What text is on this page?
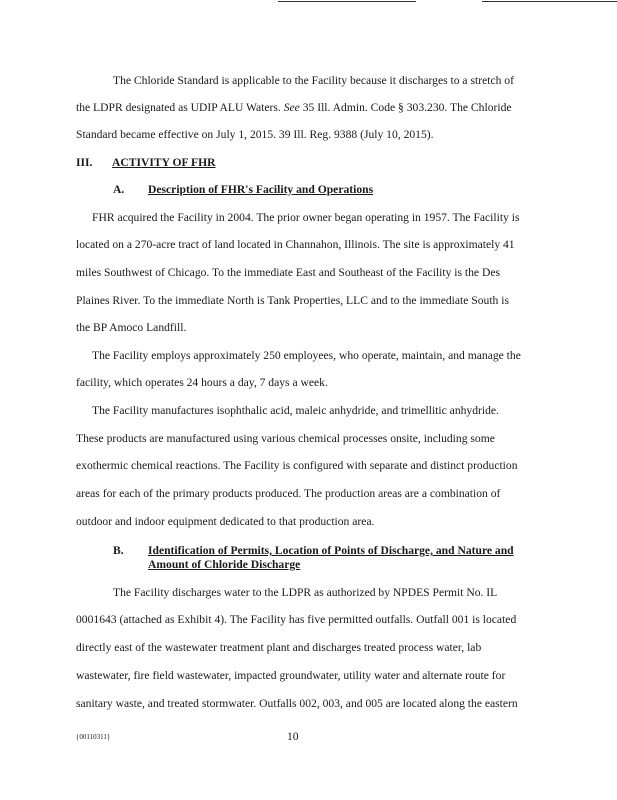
The Chloride Standard is applicable to the Facility because it discharges to a stretch of
the LDPR designated as UDIP ALU Waters. See 35 Ill. Admin. Code § 303.230. The Chloride
Standard became effective on July 1, 2015. 39 Ill. Reg. 9388 (July 10, 2015).
III. ACTIVITY OF FHR
A. Description of FHR's Facility and Operations
FHR acquired the Facility in 2004. The prior owner began operating in 1957. The Facility is
located on a 270-acre tract of land located in Channahon, Illinois. The site is approximately 41
miles Southwest of Chicago. To the immediate East and Southeast of the Facility is the Des
Plaines River. To the immediate North is Tank Properties, LLC and to the immediate South is
the BP Amoco Landfill.
The Facility employs approximately 250 employees, who operate, maintain, and manage the
facility, which operates 24 hours a day, 7 days a week.
The Facility manufactures isophthalic acid, maleic anhydride, and trimellitic anhydride.
These products are manufactured using various chemical processes onsite, including some
exothermic chemical reactions. The Facility is configured with separate and distinct production
areas for each of the primary products produced. The production areas are a combination of
outdoor and indoor equipment dedicated to that production area.
B. Identification of Permits, Location of Points of Discharge, and Nature and
Amount of Chloride Discharge
The Facility discharges water to the LDPR as authorized by NPDES Permit No. IL
0001643 (attached as Exhibit 4). The Facility has five permitted outfalls. Outfall 001 is located
directly east of the wastewater treatment plant and discharges treated process water, lab
wastewater, fire field wastewater, impacted groundwater, utility water and alternate route for
sanitary waste, and treated stormwater. Outfalls 002, 003, and 005 are located along the eastern
{00110311}	10
